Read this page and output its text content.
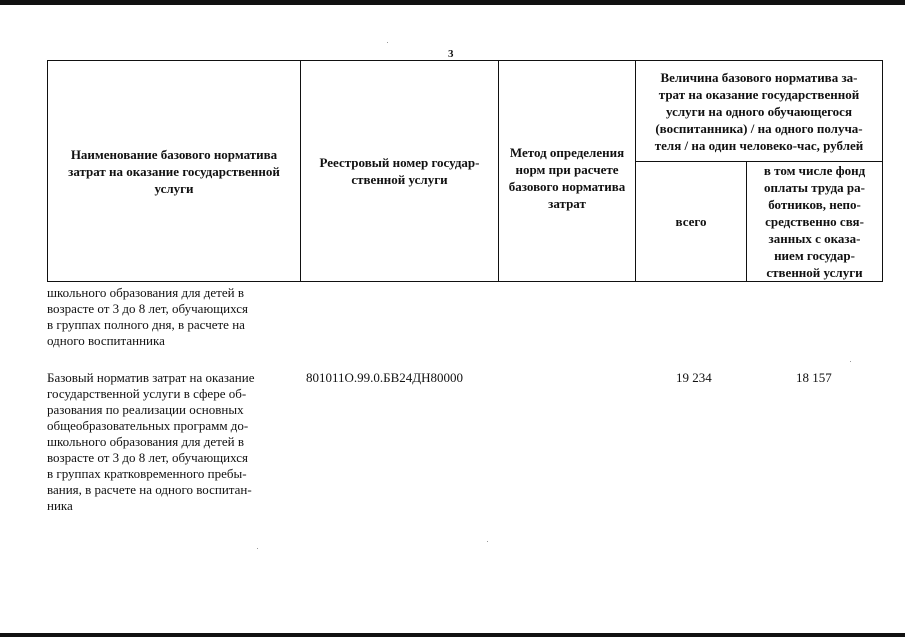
3
Наименование базового норматива
затрат на оказание государственной
услуги
Реестровый номер государ-
ственной услуги
Метод определения
норм при расчете
базового норматива
затрат
Величина базового норматива за-
трат на оказание государственной
услуги на одного обучающегося
(воспитанника) / на одного получа-
теля / на один человеко-час, рублей
всего
в том числе фонд
оплаты труда ра-
ботников, непо-
средственно свя-
занных с оказа-
нием государ-
ственной услуги
школьного образования для детей в
возрасте от 3 до 8 лет, обучающихся
в группах полного дня, в расчете на
одного воспитанника
Базовый норматив затрат на оказание
государственной услуги в сфере об-
разования по реализации основных
общеобразовательных программ до-
школьного образования для детей в
возрасте от 3 до 8 лет, обучающихся
в группах кратковременного пребы-
вания, в расчете на одного воспитан-
ника
801011О.99.0.БВ24ДН80000	19 234	18 157
